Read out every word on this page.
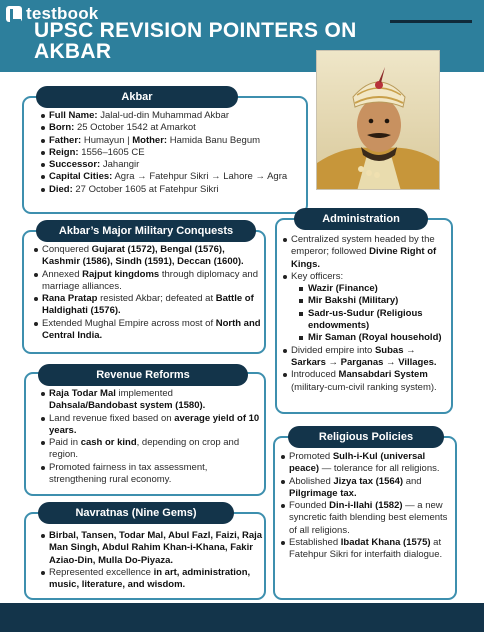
testbook
UPSC REVISION POINTERS ON AKBAR
Full Name: Jalal-ud-din Muhammad Akbar
Born: 25 October 1542 at Amarkot
Father: Humayun | Mother: Hamida Banu Begum
Reign: 1556–1605 CE
Successor: Jahangir
Capital Cities: Agra → Fatehpur Sikri → Lahore → Agra
Died: 27 October 1605 at Fatehpur Sikri
Akbar
Conquered Gujarat (1572), Bengal (1576), Kashmir (1586), Sindh (1591), Deccan (1600).
Annexed Rajput kingdoms through diplomacy and marriage alliances.
Rana Pratap resisted Akbar; defeated at Battle of Haldighati (1576).
Extended Mughal Empire across most of North and Central India.
Akbar’s Major Military Conquests
Centralized system headed by the emperor; followed Divine Right of Kings.
Key officers:
Wazir (Finance)
Mir Bakshi (Military)
Sadr-us-Sudur (Religious endowments)
Mir Saman (Royal household)
Divided empire into Subas → Sarkars → Parganas → Villages.
Introduced Mansabdari System (military-cum-civil ranking system).
Administration
Raja Todar Mal implemented Dahsala/Bandobast system (1580).
Land revenue fixed based on average yield of 10 years.
Paid in cash or kind, depending on crop and region.
Promoted fairness in tax assessment, strengthening rural economy.
Revenue Reforms
Promoted Sulh-i-Kul (universal peace) — tolerance for all religions.
Abolished Jizya tax (1564) and Pilgrimage tax.
Founded Din-i-Ilahi (1582) — a new syncretic faith blending best elements of all religions.
Established Ibadat Khana (1575) at Fatehpur Sikri for interfaith dialogue.
Religious Policies
Birbal, Tansen, Todar Mal, Abul Fazl, Faizi, Raja Man Singh, Abdul Rahim Khan-i-Khana, Fakir Aziao-Din, Mulla Do-Piyaza.
Represented excellence in art, administration, music, literature, and wisdom.
Navratnas (Nine Gems)
